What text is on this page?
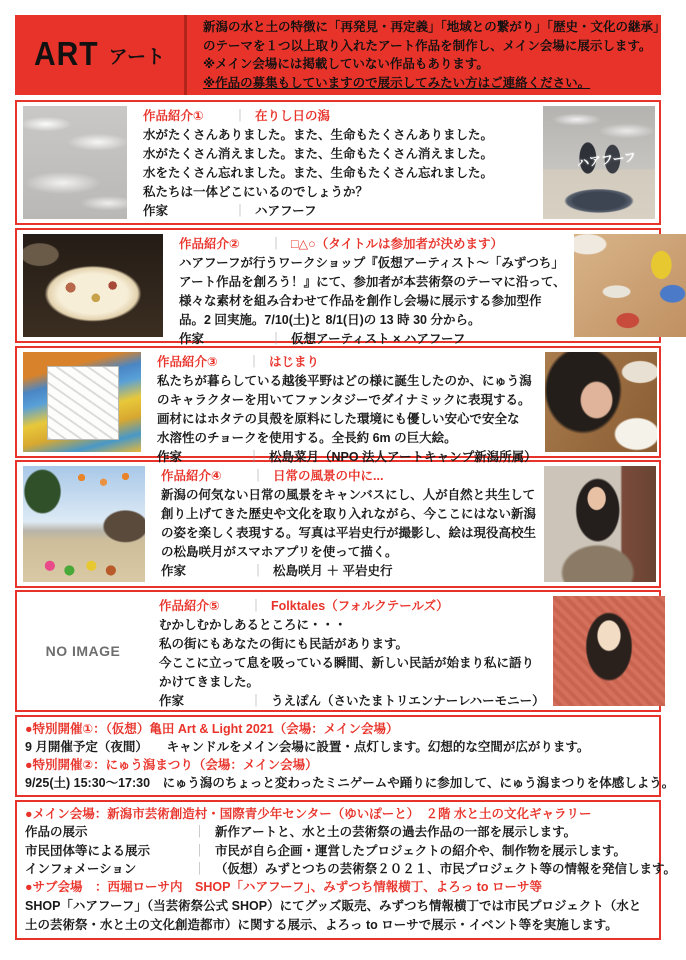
ART アート
新潟の水と土の特徴に「再発見・再定義」「地域との繋がり」「歴史・文化の継承」
のテーマを１つ以上取り入れたアート作品を制作し、メイン会場に展示します。
※メイン会場には掲載していない作品もあります。
※作品の募集もしていますので展示してみたい方はご連絡ください。
作品紹介①	｜ 在りし日の潟
水がたくさんありました。また、生命もたくさんありました。
水がたくさん消えました。また、生命もたくさん消えました。
水をたくさん忘れました。また、生命もたくさん忘れました。
私たちは一体どこにいるのでしょうか？
作家	｜ ハアフーフ
ハアフーフ
作品紹介②	｜ □△○（タイトルは参加者が決めます）
ハアフーフが行うワークショップ『仮想アーティスト～「みずつち」
アート作品を創ろう！』にて、参加者が本芸術祭のテーマに沿って、
様々な素材を組み合わせて作品を創作し会場に展示する参加型作
品。2 回実施。7/10(土)と 8/1(日)の 13 時 30 分から。
作家	｜ 仮想アーティスト × ハアフーフ
作品紹介③	｜ はじまり
私たちが暮らしている越後平野はどの様に誕生したのか、にゅう潟
のキャラクターを用いてファンタジーでダイナミックに表現する。
画材にはホタテの貝殻を原料にした環境にも優しい安心で安全な
水溶性のチョークを使用する。全長約 6m の巨大絵。
作家	｜ 松島菜月（NPO 法人アートキャンプ新潟所属）
作品紹介④	｜ 日常の風景の中に...
新潟の何気ない日常の風景をキャンバスにし、人が自然と共生して
創り上げてきた歴史や文化を取り入れながら、今ここにはない新潟
の姿を楽しく表現する。写真は平岩史行が撮影し、絵は現役高校生
の松島咲月がスマホアプリを使って描く。
作家	｜ 松島咲月 ＋ 平岩史行
NO IMAGE
作品紹介⑤	｜ Folktales（フォルクテールズ）
むかしむかしあるところに・・・
私の街にもあなたの街にも民話があります。
今ここに立って息を吸っている瞬間、新しい民話が始まり私に語り
かけてきました。
作家	｜ うえぽん（さいたまトリエンナーレハーモニー）
●特別開催①：（仮想）亀田 Art & Light 2021（会場：メイン会場）
9 月開催予定（夜間）　　キャンドルをメイン会場に設置・点灯します。幻想的な空間が広がります。
●特別開催②：にゅう潟まつり（会場：メイン会場）
9/25(土) 15:30～17:30　にゅう潟のちょっと変わったミニゲームや踊りに参加して、にゅう潟まつりを体感しよう。
●メイン会場：新潟市芸術創造村・国際青少年センター（ゆいぽーと）　２階 水と土の文化ギャラリー
作品の展示	｜ 新作アートと、水と土の芸術祭の過去作品の一部を展示します。
市民団体等による展示	｜ 市民が自ら企画・運営したプロジェクトの紹介や、制作物を展示します。
インフォメーション	｜ （仮想）みずとつちの芸術祭２０２１、市民プロジェクト等の情報を発信します。
●サブ会場　：西堀ローサ内　SHOP「ハアフーフ」、みずつち情報横丁、よろっ to ローサ等
SHOP「ハアフーフ」（当芸術祭公式 SHOP）にてグッズ販売、みずつち情報横丁では市民プロジェクト（水と土の芸術祭・水と土の文化創造都市）に関する展示、よろっ to ローサで展示・イベント等を実施します。
